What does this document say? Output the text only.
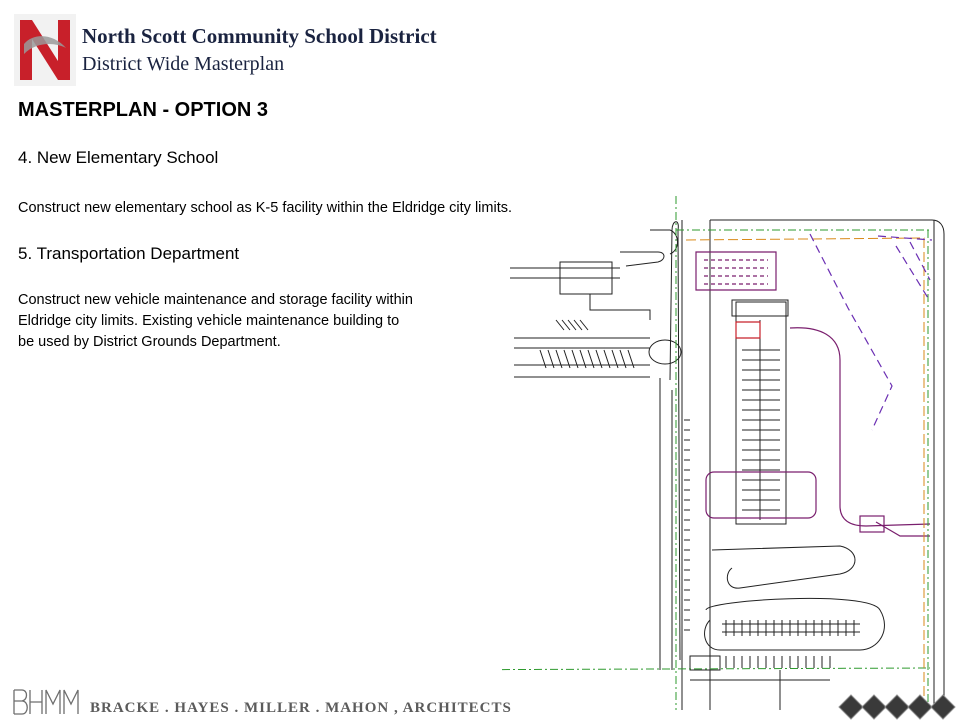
North Scott Community School District
District Wide Masterplan
MASTERPLAN - OPTION 3
4. New Elementary School
Construct new elementary school as K-5 facility within the Eldridge city limits.
5. Transportation Department
Construct new vehicle maintenance and storage facility within
Eldridge city limits. Existing vehicle maintenance building to
be used by District Grounds Department.
BRACKE . HAYES . MILLER . MAHON , ARCHITECTS
